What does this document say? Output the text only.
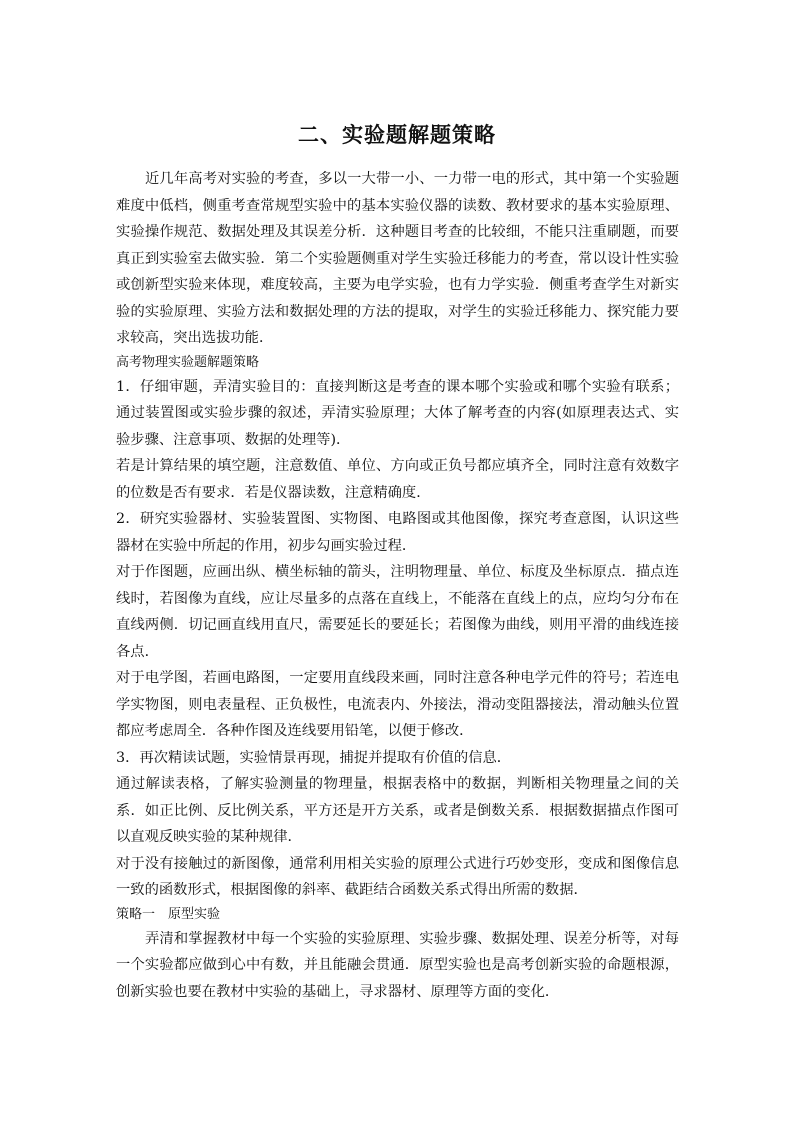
二、实验题解题策略

近几年高考对实验的考查，多以一大带一小、一力带一电的形式，其中第一个实验题难度中低档，侧重考查常规型实验中的基本实验仪器的读数、教材要求的基本实验原理、实验操作规范、数据处理及其误差分析．这种题目考查的比较细，不能只注重刷题，而要真正到实验室去做实验．第二个实验题侧重对学生实验迁移能力的考查，常以设计性实验或创新型实验来体现，难度较高，主要为电学实验，也有力学实验．侧重考查学生对新实验的实验原理、实验方法和数据处理的方法的提取，对学生的实验迁移能力、探究能力要求较高，突出选拔功能．

高考物理实验题解题策略

1．仔细审题，弄清实验目的：直接判断这是考查的课本哪个实验或和哪个实验有联系；通过装置图或实验步骤的叙述，弄清实验原理；大体了解考查的内容(如原理表达式、实验步骤、注意事项、数据的处理等)．

若是计算结果的填空题，注意数值、单位、方向或正负号都应填齐全，同时注意有效数字的位数是否有要求．若是仪器读数，注意精确度．

2．研究实验器材、实验装置图、实物图、电路图或其他图像，探究考查意图，认识这些器材在实验中所起的作用，初步勾画实验过程．

对于作图题，应画出纵、横坐标轴的箭头，注明物理量、单位、标度及坐标原点．描点连线时，若图像为直线，应让尽量多的点落在直线上，不能落在直线上的点，应均匀分布在直线两侧．切记画直线用直尺，需要延长的要延长；若图像为曲线，则用平滑的曲线连接各点．

对于电学图，若画电路图，一定要用直线段来画，同时注意各种电学元件的符号；若连电学实物图，则电表量程、正负极性，电流表内、外接法，滑动变阻器接法，滑动触头位置都应考虑周全．各种作图及连线要用铅笔，以便于修改．

3．再次精读试题，实验情景再现，捕捉并提取有价值的信息．

通过解读表格，了解实验测量的物理量，根据表格中的数据，判断相关物理量之间的关系．如正比例、反比例关系，平方还是开方关系，或者是倒数关系．根据数据描点作图可以直观反映实验的某种规律．

对于没有接触过的新图像，通常利用相关实验的原理公式进行巧妙变形，变成和图像信息一致的函数形式，根据图像的斜率、截距结合函数关系式得出所需的数据．

策略一　原型实验

弄清和掌握教材中每一个实验的实验原理、实验步骤、数据处理、误差分析等，对每一个实验都应做到心中有数，并且能融会贯通．原型实验也是高考创新实验的命题根源，创新实验也要在教材中实验的基础上，寻求器材、原理等方面的变化．
